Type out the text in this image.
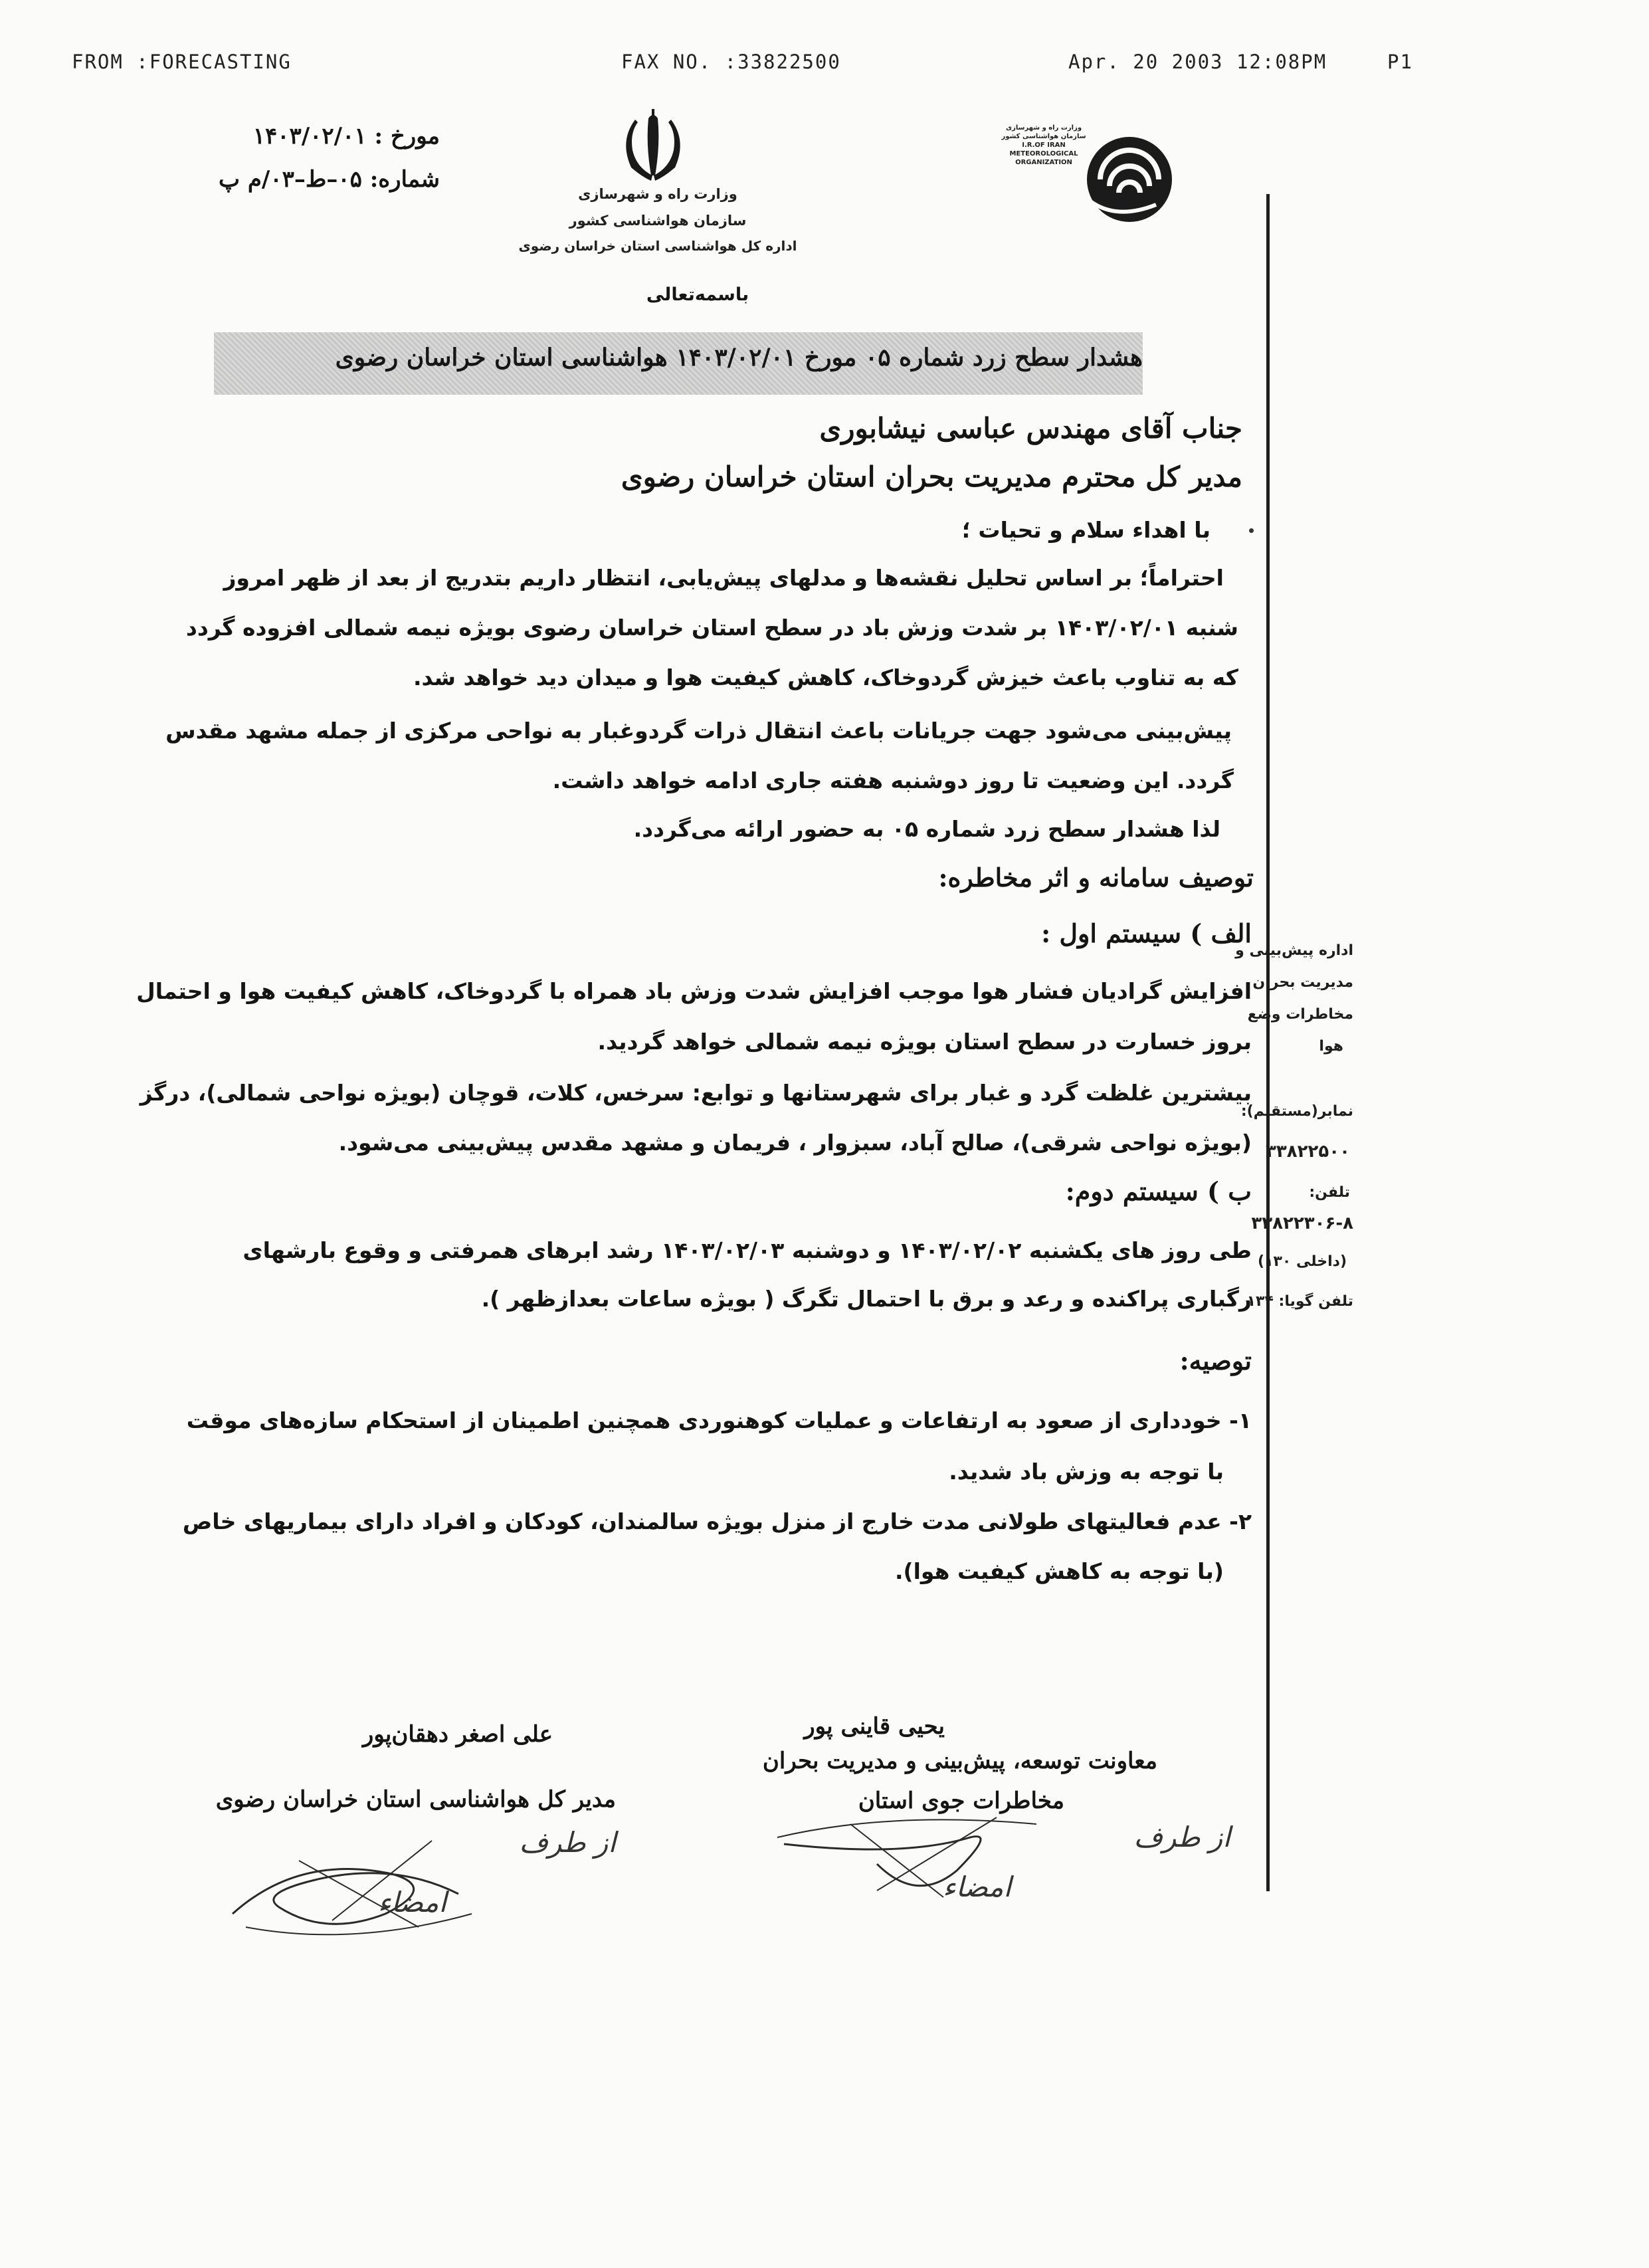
FROM :FORECASTING	FAX NO. :33822500	Apr. 20 2003 12:08PM	P1
مورخ : ۱۴۰۳/۰۲/۰۱
شماره: ۰۵–ط–۰۳/م پ
وزارت راه و شهرسازی
سازمان هواشناسی کشور
اداره کل هواشناسی استان خراسان رضوی
وزارت راه و شهرسازی
سازمان هواشناسی کشور
I.R.OF IRAN
METEOROLOGICAL
ORGANIZATION
باسمه‌تعالی
هشدار سطح زرد شماره ۰۵ مورخ ۱۴۰۳/۰۲/۰۱ هواشناسی استان خراسان رضوی
جناب آقای مهندس عباسی نیشابوری
مدیر کل محترم مدیریت بحران استان خراسان رضوی
با اهداء سلام و تحیات ؛
احتراماً؛ بر اساس تحلیل نقشه‌ها و مدلهای پیش‌یابی، انتظار داریم بتدریج از بعد از ظهر امروز
شنبه ۱۴۰۳/۰۲/۰۱ بر شدت وزش باد در سطح استان خراسان رضوی بویژه نیمه شمالی افزوده گردد
که به تناوب باعث خیزش گردوخاک، کاهش کیفیت هوا و میدان دید خواهد شد.
پیش‌بینی می‌شود جهت جریانات باعث انتقال ذرات گردوغبار به نواحی مرکزی از جمله مشهد مقدس
گردد. این وضعیت تا روز دوشنبه هفته جاری ادامه خواهد داشت.
لذا هشدار سطح زرد شماره ۰۵ به حضور ارائه می‌گردد.
توصیف سامانه و اثر مخاطره:
الف ) سیستم اول :
افزایش گرادیان فشار هوا موجب افزایش شدت وزش باد همراه با گردوخاک، کاهش کیفیت هوا و احتمال
بروز خسارت در سطح استان بویژه نیمه شمالی خواهد گردید.
بیشترین غلظت گرد و غبار برای شهرستانها و توابع: سرخس، کلات، قوچان (بویژه نواحی شمالی)، درگز
(بویژه نواحی شرقی)، صالح آباد، سبزوار ، فریمان و مشهد مقدس پیش‌بینی می‌شود.
ب ) سیستم دوم:
طی روز های یکشنبه ۱۴۰۳/۰۲/۰۲ و دوشنبه ۱۴۰۳/۰۲/۰۳ رشد ابرهای همرفتی و وقوع بارشهای
رگباری پراکنده و رعد و برق با احتمال تگرگ ( بویژه ساعات بعدازظهر ).
توصیه:
۱- خودداری از صعود به ارتفاعات و عملیات کوهنوردی همچنین اطمینان از استحکام سازه‌های موقت
با توجه به وزش باد شدید.
۲- عدم فعالیتهای طولانی مدت خارج از منزل بویژه سالمندان، کودکان و افراد دارای بیماریهای خاص
(با توجه به کاهش کیفیت هوا).
اداره پیش‌بینی و
مدیریت بحران
مخاطرات وضع
هوا
نمابر(مستقیم):
۳۳۸۲۲۵۰۰
تلفن:
۳۳۸۲۲۳۰۶-۸
(داخلی ۱۳۰)
تلفن گویا: ۱۳۴
علی اصغر دهقان‌پور
مدیر کل هواشناسی استان خراسان رضوی
از طرف
امضاء
یحیی قاینی پور
معاونت توسعه، پیش‌بینی و مدیریت بحران
مخاطرات جوی استان
از طرف
امضاء
